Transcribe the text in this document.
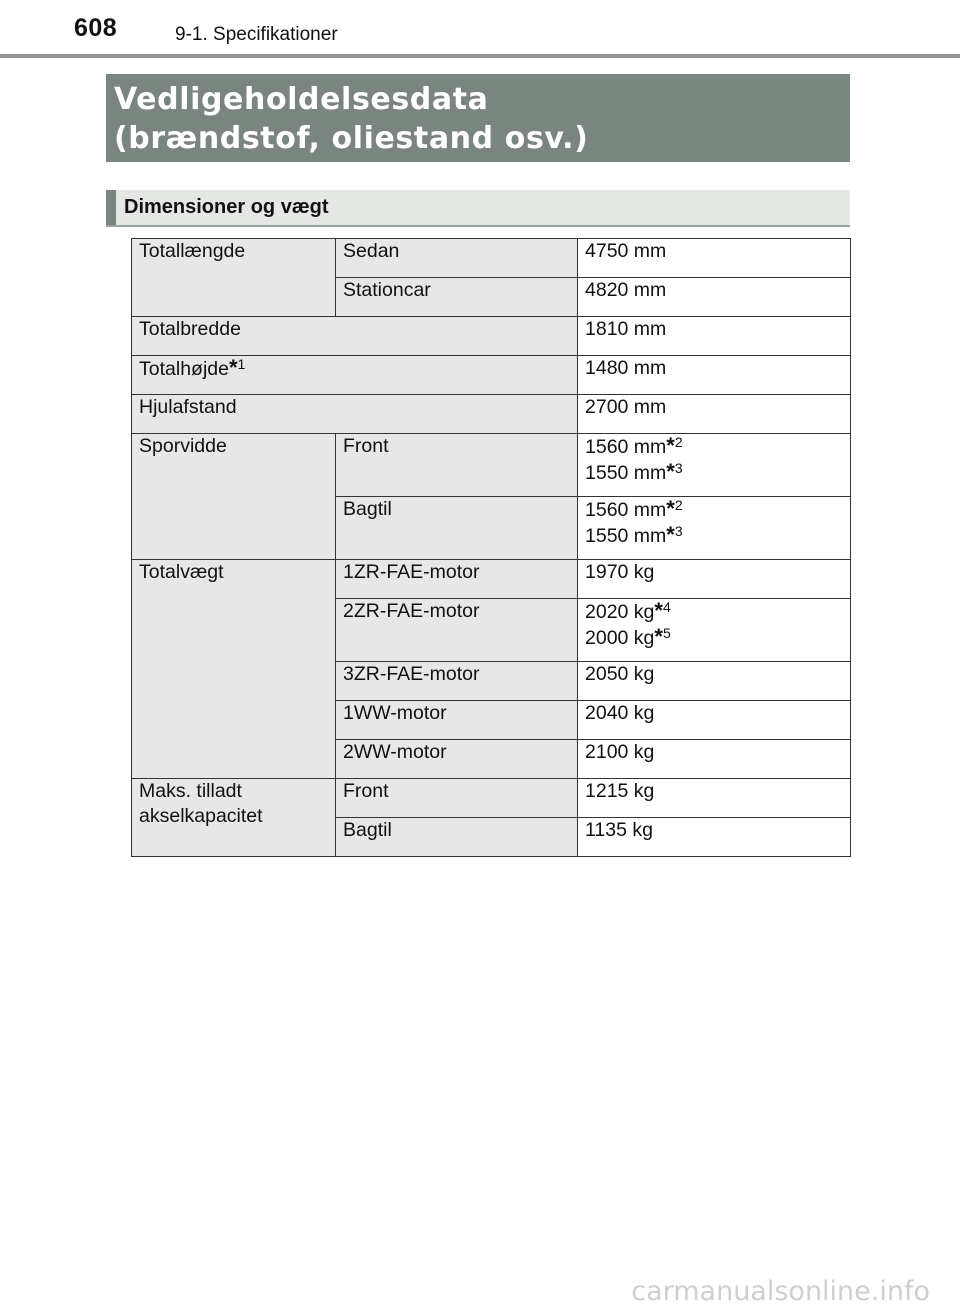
608	9-1. Specifikationer
Vedligeholdelsesdata
(brændstof, oliestand osv.)
Dimensioner og vægt
Totallængde	Sedan	4750 mm
	Stationcar	4820 mm
Totalbredde		1810 mm
Totalhøjde*$^1$		1480 mm
Hjulafstand		2700 mm
Sporvidde	Front	1560 mm*$^2$
1550 mm*$^3$

	Bagtil	1560 mm*$^2$
1550 mm*$^3$

Totalvægt	1ZR-FAE-motor	1970 kg
	2ZR-FAE-motor	2020 kg*$^4$
2000 kg*$^5$

	3ZR-FAE-motor	2050 kg
	1WW-motor	2040 kg
	2WW-motor	2100 kg

Maks. tilladt
akselkapacitet	Front	1215 kg
	Bagtil	1135 kg
carmanualsonline.info
